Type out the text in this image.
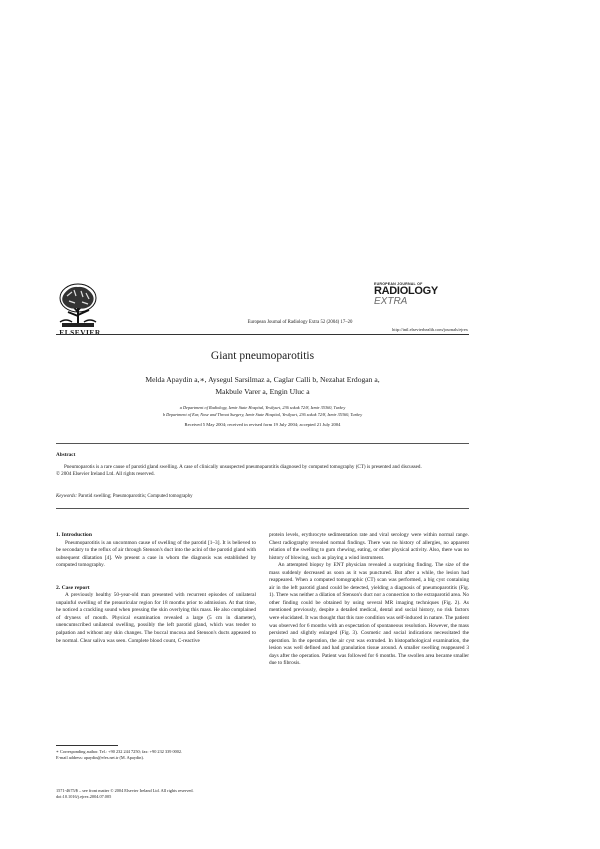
ELSEVIER
European Journal of Radiology Extra 52 (2004) 17–20
EUROPEAN JOURNAL OF
RADIOLOGY
EXTRA
http://intl.elsevierhealth.com/journals/ejrex
Giant pneumoparotitis
Melda Apaydin a,∗, Aysegul Sarsilmaz a, Caglar Calli b, Nezahat Erdogan a,
Makbule Varer a, Engin Uluc a
a Department of Radiology, Izmir State Hospital, Yesilyurt, 236 sokak 72/8, Izmir 35360, Turkey
b Department of Ear, Nose and Throat Surgery, Izmir State Hospital, Yesilyurt, 236 sokak 72/8, Izmir 35360, Turkey
Received 5 May 2004; received in revised form 19 July 2004; accepted 21 July 2004
Abstract
Pneumoparotis is a rare cause of parotid gland swelling. A case of clinically unsuspected pneumoparotitis diagnosed by computed tomography (CT) is presented and discussed.
© 2004 Elsevier Ireland Ltd. All rights reserved.
Keywords: Parotid swelling; Pneumoparotitis; Computed tomography

1. Introduction

Pneumoparotitis is an uncommon cause of swelling of the parotid [1–3]. It is believed to be secondary to the reflux of air through Stenson's duct into the acini of the parotid gland with subsequent dilatation [4]. We present a case in whom the diagnosis was established by computed tomography.

2. Case report

A previously healthy 50-year-old man presented with recurrent episodes of unilateral unpainful swelling of the preauricular region for 18 months prior to admission. At that time, he noticed a crackling sound when pressing the skin overlying this mass. He also complained of dryness of mouth. Physical examination revealed a large (5 cm in diameter), unencumscribed unilateral swelling, possibly the left parotid gland, which was tender to palpation and without any skin changes. The buccal mucosa and Stenson's ducts appeared to be normal. Clear saliva was seen. Complete blood count, C-reactive

protein levels, erythrocyte sedimentation rate and viral serology were within normal range. Chest radiography revealed normal findings. There was no history of allergies, no apparent relation of the swelling to gum chewing, eating, or other physical activity. Also, there was no history of blowing, such as playing a wind instrument.

An attempted biopsy by ENT physician revealed a surprising finding. The size of the mass suddenly decreased as soon as it was punctured. But after a while, the lesion had reappeared. When a computed tomographic (CT) scan was performed, a big cyst containing air in the left parotid gland could be detected, yielding a diagnosis of pneumoparotitis (Fig. 1). There was neither a dilation of Stenson's duct nor a connection to the extraparotid area. No other finding could be obtained by using several MR imaging techniques (Fig. 2). As mentioned previously, despite a detailed medical, dental and social history, no risk factors were elucidated. It was thought that this rare condition was self-induced in nature. The patient was observed for 6 months with an expectation of spontaneous resolution. However, the mass persisted and slightly enlarged (Fig. 3). Cosmetic and social indications necessitated the operation. In the operation, the air cyst was extruded. In histopathological examination, the lesion was well defined and had granulation tissue around. A smaller swelling reappeared 3 days after the operation. Patient was followed for 6 months. The swollen area became smaller due to fibrosis.

∗ Corresponding author. Tel.: +90 232 244 7250; fax: +90 232 339 0002.
E-mail address: apaydin@efes.net.tr (M. Apaydin).
1571-4675/$ – see front matter © 2004 Elsevier Ireland Ltd. All rights reserved.
doi:10.1016/j.ejrex.2004.07.005
